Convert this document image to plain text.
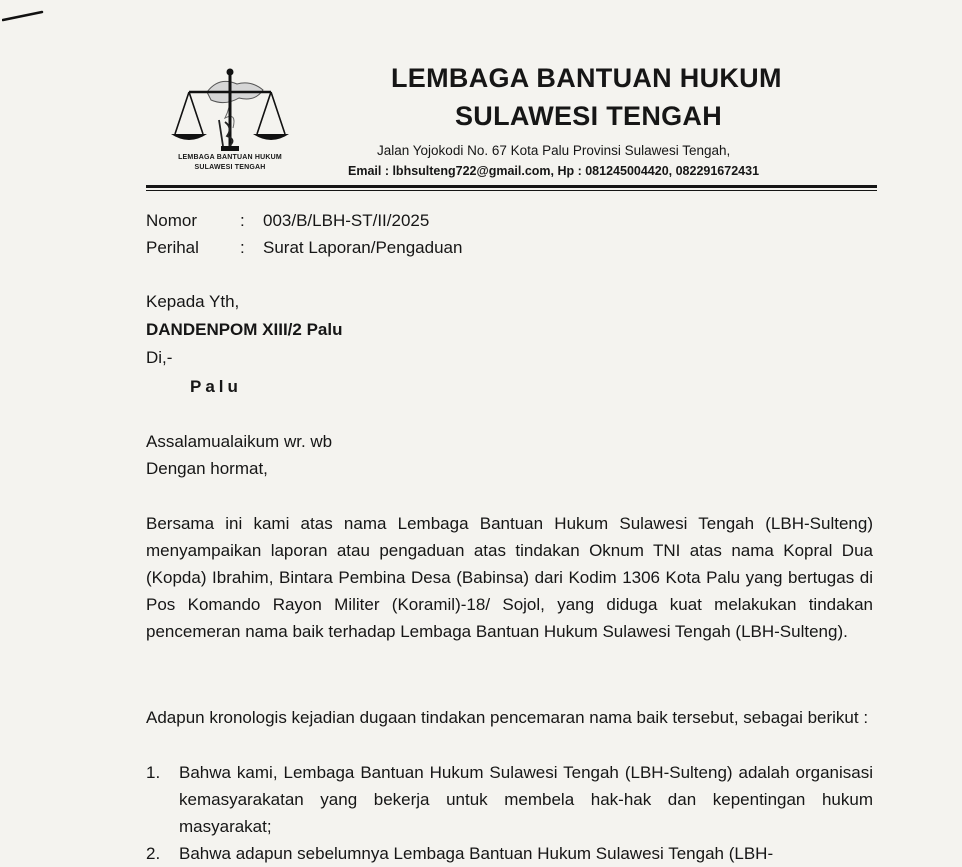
LEMBAGA BANTUAN HUKUM
SULAWESI TENGAH
LEMBAGA BANTUAN HUKUM
SULAWESI TENGAH
Jalan Yojokodi No. 67 Kota Palu Provinsi Sulawesi Tengah,
Email : lbhsulteng722@gmail.com, Hp : 081245004420, 082291672431
Nomor	: 003/B/LBH-ST/II/2025
Perihal : Surat Laporan/Pengaduan
Kepada Yth,
DANDENPOM XIII/2 Palu
Di,-
Palu
Assalamualaikum wr. wb
Dengan hormat,

Bersama ini kami atas nama Lembaga Bantuan Hukum Sulawesi Tengah (LBH-Sulteng) menyampaikan laporan atau pengaduan atas tindakan Oknum TNI atas nama Kopral Dua (Kopda) Ibrahim, Bintara Pembina Desa (Babinsa) dari Kodim 1306 Kota Palu yang bertugas di Pos Komando Rayon Militer (Koramil)-18/ Sojol, yang diduga kuat melakukan tindakan pencemeran nama baik terhadap Lembaga Bantuan Hukum Sulawesi Tengah (LBH-Sulteng).

Adapun kronologis kejadian dugaan tindakan pencemaran nama baik tersebut, sebagai berikut :

1.	Bahwa kami, Lembaga Bantuan Hukum Sulawesi Tengah (LBH-Sulteng) adalah organisasi kemasyarakatan yang bekerja untuk membela hak-hak dan kepentingan hukum masyarakat;
2.	Bahwa adapun sebelumnya Lembaga Bantuan Hukum Sulawesi Tengah (LBH-
